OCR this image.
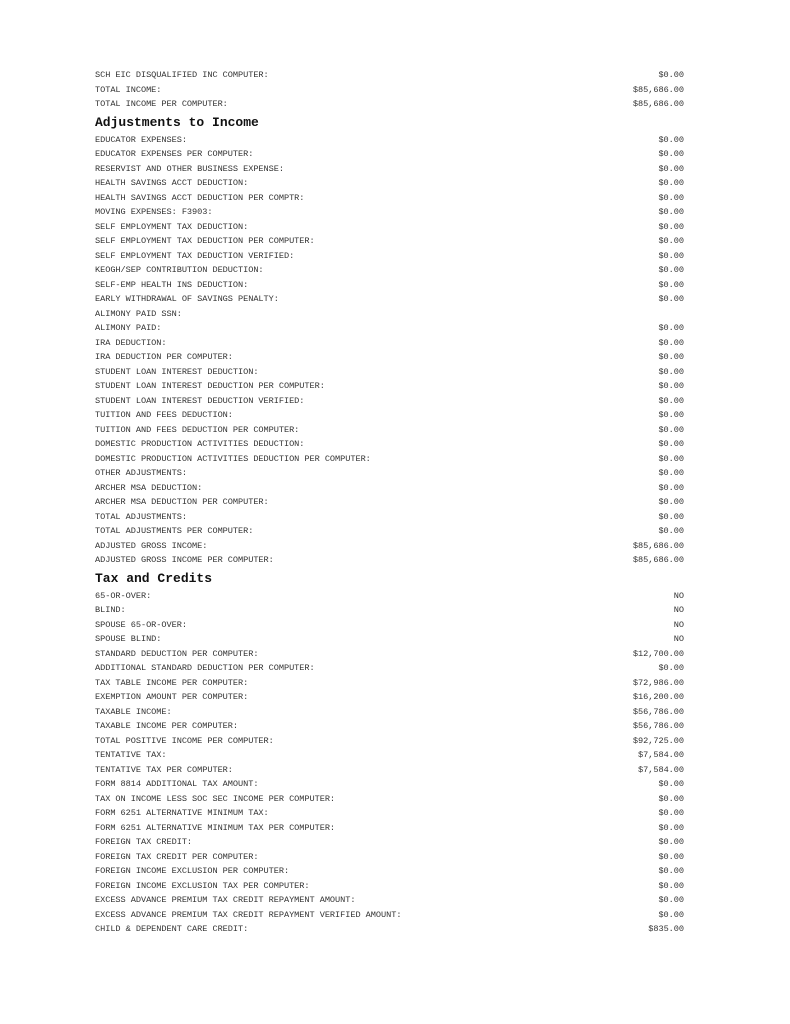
SCH EIC DISQUALIFIED INC COMPUTER:	$0.00
TOTAL INCOME:	$85,686.00
TOTAL INCOME PER COMPUTER:	$85,686.00
Adjustments to Income
EDUCATOR EXPENSES:	$0.00
EDUCATOR EXPENSES PER COMPUTER:	$0.00
RESERVIST AND OTHER BUSINESS EXPENSE:	$0.00
HEALTH SAVINGS ACCT DEDUCTION:	$0.00
HEALTH SAVINGS ACCT DEDUCTION PER COMPTR:	$0.00
MOVING EXPENSES: F3903:	$0.00
SELF EMPLOYMENT TAX DEDUCTION:	$0.00
SELF EMPLOYMENT TAX DEDUCTION PER COMPUTER:	$0.00
SELF EMPLOYMENT TAX DEDUCTION VERIFIED:	$0.00
KEOGH/SEP CONTRIBUTION DEDUCTION:	$0.00
SELF-EMP HEALTH INS DEDUCTION:	$0.00
EARLY WITHDRAWAL OF SAVINGS PENALTY:	$0.00
ALIMONY PAID SSN:
ALIMONY PAID:	$0.00
IRA DEDUCTION:	$0.00
IRA DEDUCTION PER COMPUTER:	$0.00
STUDENT LOAN INTEREST DEDUCTION:	$0.00
STUDENT LOAN INTEREST DEDUCTION PER COMPUTER:	$0.00
STUDENT LOAN INTEREST DEDUCTION VERIFIED:	$0.00
TUITION AND FEES DEDUCTION:	$0.00
TUITION AND FEES DEDUCTION PER COMPUTER:	$0.00
DOMESTIC PRODUCTION ACTIVITIES DEDUCTION:	$0.00
DOMESTIC PRODUCTION ACTIVITIES DEDUCTION PER COMPUTER:	$0.00
OTHER ADJUSTMENTS:	$0.00
ARCHER MSA DEDUCTION:	$0.00
ARCHER MSA DEDUCTION PER COMPUTER:	$0.00
TOTAL ADJUSTMENTS:	$0.00
TOTAL ADJUSTMENTS PER COMPUTER:	$0.00
ADJUSTED GROSS INCOME:	$85,686.00
ADJUSTED GROSS INCOME PER COMPUTER:	$85,686.00
Tax and Credits
65-OR-OVER:	NO
BLIND:	NO
SPOUSE 65-OR-OVER:	NO
SPOUSE BLIND:	NO
STANDARD DEDUCTION PER COMPUTER:	$12,700.00
ADDITIONAL STANDARD DEDUCTION PER COMPUTER:	$0.00
TAX TABLE INCOME PER COMPUTER:	$72,986.00
EXEMPTION AMOUNT PER COMPUTER:	$16,200.00
TAXABLE INCOME:	$56,786.00
TAXABLE INCOME PER COMPUTER:	$56,786.00
TOTAL POSITIVE INCOME PER COMPUTER:	$92,725.00
TENTATIVE TAX:	$7,584.00
TENTATIVE TAX PER COMPUTER:	$7,584.00
FORM 8814 ADDITIONAL TAX AMOUNT:	$0.00
TAX ON INCOME LESS SOC SEC INCOME PER COMPUTER:	$0.00
FORM 6251 ALTERNATIVE MINIMUM TAX:	$0.00
FORM 6251 ALTERNATIVE MINIMUM TAX PER COMPUTER:	$0.00
FOREIGN TAX CREDIT:	$0.00
FOREIGN TAX CREDIT PER COMPUTER:	$0.00
FOREIGN INCOME EXCLUSION PER COMPUTER:	$0.00
FOREIGN INCOME EXCLUSION TAX PER COMPUTER:	$0.00
EXCESS ADVANCE PREMIUM TAX CREDIT REPAYMENT AMOUNT:	$0.00
EXCESS ADVANCE PREMIUM TAX CREDIT REPAYMENT VERIFIED AMOUNT:	$0.00
CHILD & DEPENDENT CARE CREDIT:	$835.00
